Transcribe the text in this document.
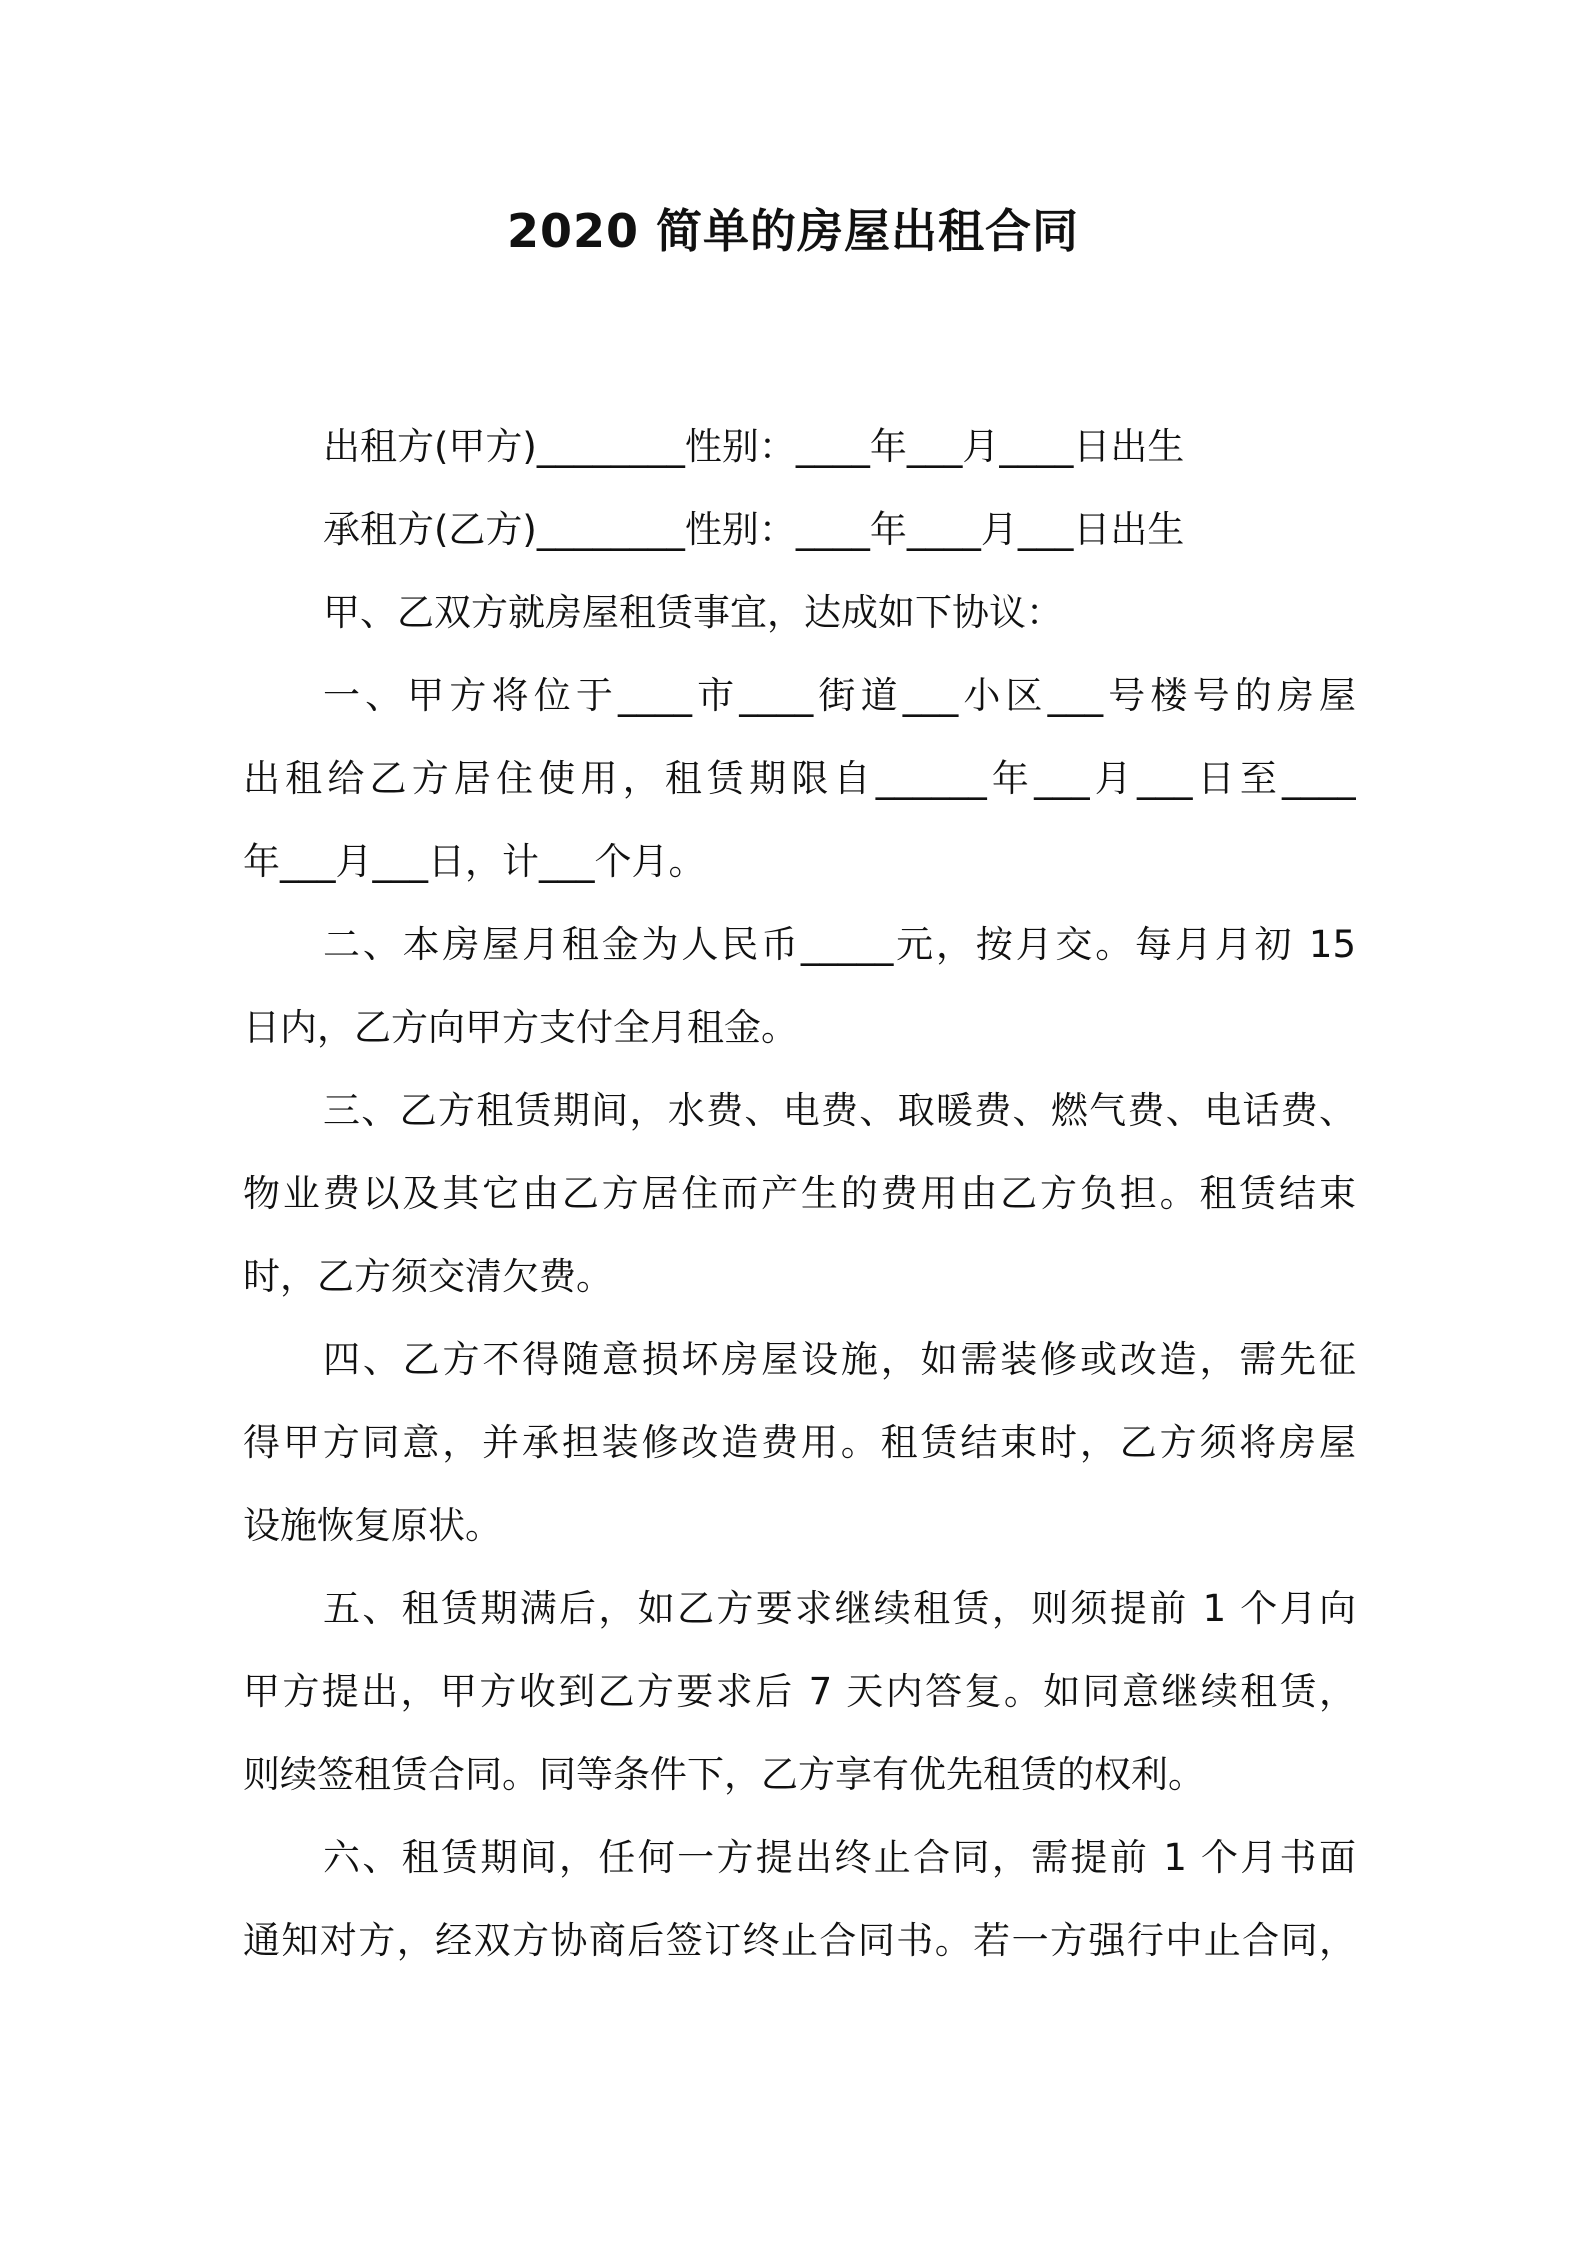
2020 简单的房屋出租合同
出租方(甲方)________性别：____年___月____日出生
承租方(乙方)________性别：____年____月___日出生
甲、乙双方就房屋租赁事宜，达成如下协议：
一、甲方将位于____市____街道___小区___号楼号的房屋
出租给乙方居住使用，租赁期限自______年___月___日至____
年___月___日，计___个月。
二、本房屋月租金为人民币_____元，按月交。每月月初 15
日内，乙方向甲方支付全月租金。
三、乙方租赁期间，水费、电费、取暖费、燃气费、电话费、
物业费以及其它由乙方居住而产生的费用由乙方负担。租赁结束
时，乙方须交清欠费。
四、乙方不得随意损坏房屋设施，如需装修或改造，需先征
得甲方同意，并承担装修改造费用。租赁结束时，乙方须将房屋
设施恢复原状。
五、租赁期满后，如乙方要求继续租赁，则须提前 1 个月向
甲方提出，甲方收到乙方要求后 7 天内答复。如同意继续租赁，
则续签租赁合同。同等条件下，乙方享有优先租赁的权利。
六、租赁期间，任何一方提出终止合同，需提前 1 个月书面
通知对方，经双方协商后签订终止合同书。若一方强行中止合同，
